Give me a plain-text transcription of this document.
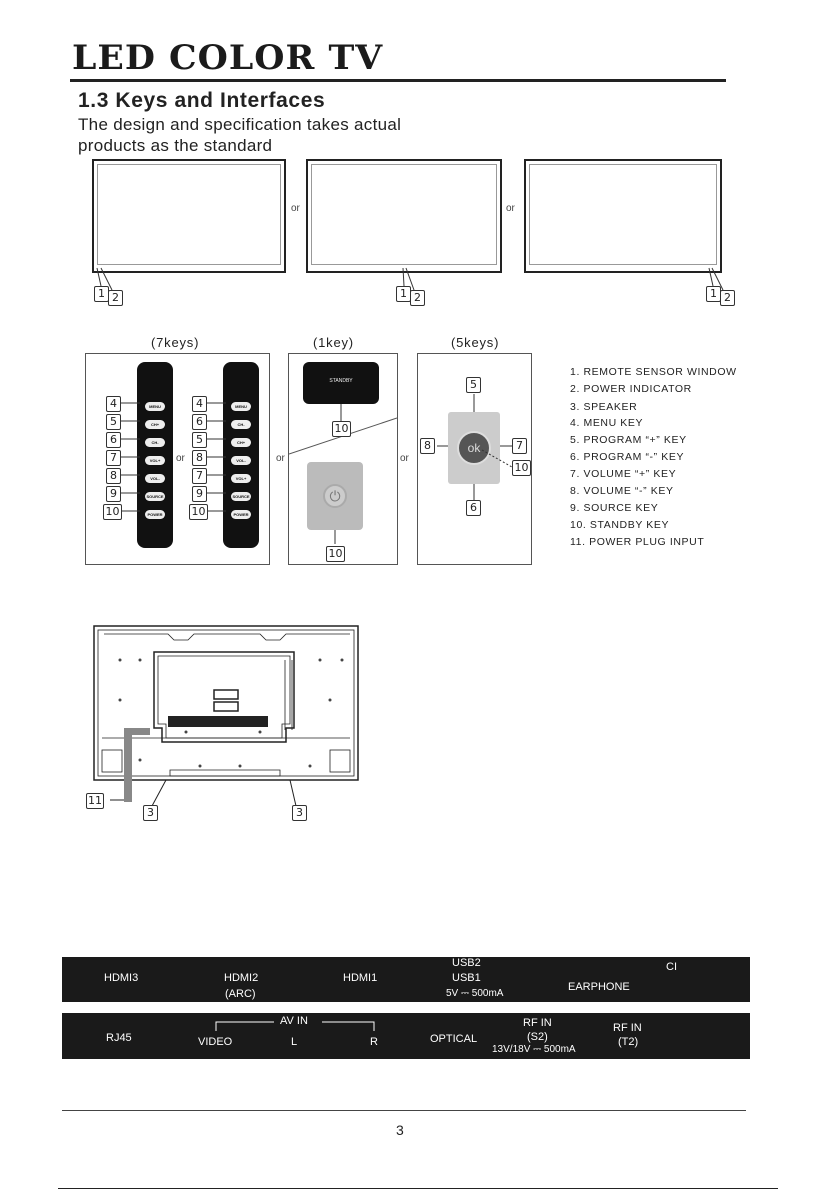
LED COLOR TV
1.3 Keys and Interfaces
The design and specification takes actual
products as the standard
or	or
1 2	1 2	1 2
(7keys)	(1key)	(5keys)
MENU
CH+
CH-
VOL+
VOL-
SOURCE
POWER
MENU
CH-
CH+
VOL-
VOL+
SOURCE
POWER
or
4
5
6
7
8
9
10
4
6
5
8
7
9
10
or
STANDBY
⏻
10
10
or
ok
5
6
8	7
10
1. REMOTE SENSOR WINDOW
2. POWER INDICATOR
3. SPEAKER
4. MENU KEY
5. PROGRAM “+” KEY
6. PROGRAM “-” KEY
7. VOLUME “+” KEY
8. VOLUME “-” KEY
9. SOURCE KEY
10. STANDBY KEY
11. POWER PLUG INPUT
11
3	3
HDMI3	HDMI2
(ARC)
HDMI1
USB2
USB1
5V ⎓ 500mA
EARPHONE
CI
RJ45
AV IN
VIDEO	L	R	OPTICAL
RF IN
(S2)
13V/18V ⎓ 500mA
RF IN
(T2)
3
